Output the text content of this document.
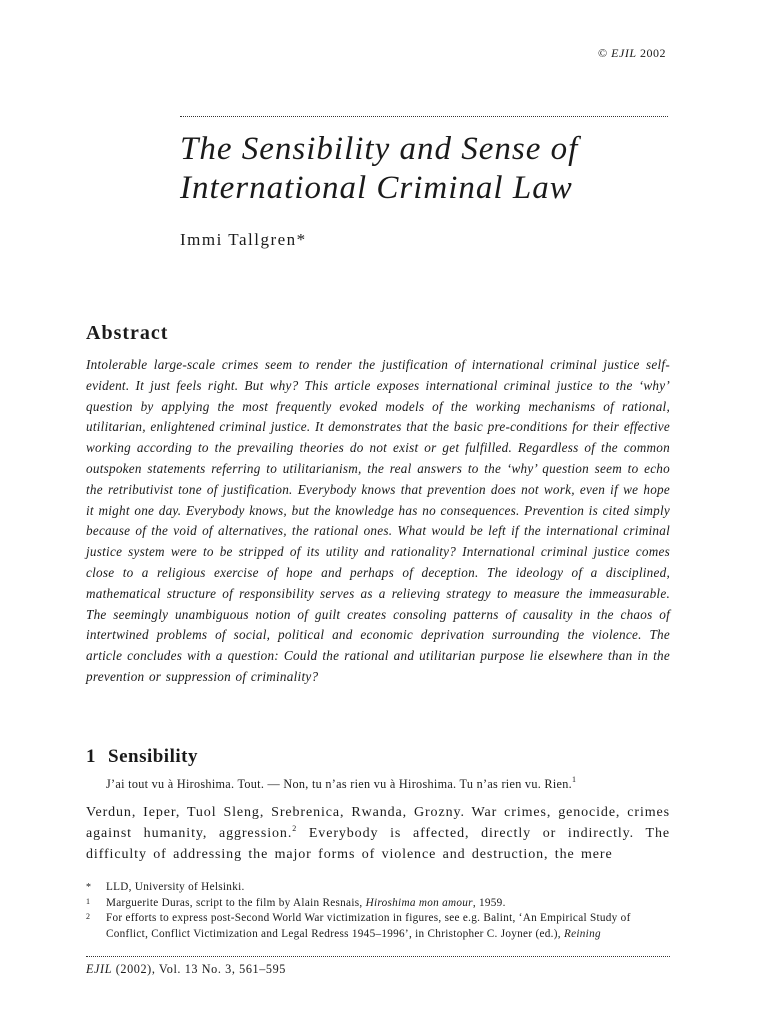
© EJIL 2002
The Sensibility and Sense of
International Criminal Law
Immi Tallgren*
Abstract

Intolerable large-scale crimes seem to render the justification of international criminal justice self-evident. It just feels right. But why? This article exposes international criminal justice to the ‘why’ question by applying the most frequently evoked models of the working mechanisms of rational, utilitarian, enlightened criminal justice. It demonstrates that the basic pre-conditions for their effective working according to the prevailing theories do not exist or get fulfilled. Regardless of the common outspoken statements referring to utilitarianism, the real answers to the ‘why’ question seem to echo the retributivist tone of justification. Everybody knows that prevention does not work, even if we hope it might one day. Everybody knows, but the knowledge has no consequences. Prevention is cited simply because of the void of alternatives, the rational ones. What would be left if the international criminal justice system were to be stripped of its utility and rationality? International criminal justice comes close to a religious exercise of hope and perhaps of deception. The ideology of a disciplined, mathematical structure of responsibility serves as a relieving strategy to measure the immeasurable. The seemingly unambiguous notion of guilt creates consoling patterns of causality in the chaos of intertwined problems of social, political and economic deprivation surrounding the violence. The article concludes with a question: Could the rational and utilitarian purpose lie elsewhere than in the prevention or suppression of criminality?

1 Sensibility

J’ai tout vu à Hiroshima. Tout. — Non, tu n’as rien vu à Hiroshima. Tu n’as rien vu. Rien.$^1$

Verdun, Ieper, Tuol Sleng, Srebrenica, Rwanda, Grozny. War crimes, genocide, crimes against humanity, aggression.$^2$ Everybody is affected, directly or indirectly. The difficulty of addressing the major forms of violence and destruction, the mere

* LLD, University of Helsinki.
1 Marguerite Duras, script to the film by Alain Resnais, Hiroshima mon amour, 1959.
2 For efforts to express post-Second World War victimization in figures, see e.g. Balint, ‘An Empirical Study of Conflict, Conflict Victimization and Legal Redress 1945–1996’, in Christopher C. Joyner (ed.), Reining
EJIL (2002), Vol. 13 No. 3, 561–595
